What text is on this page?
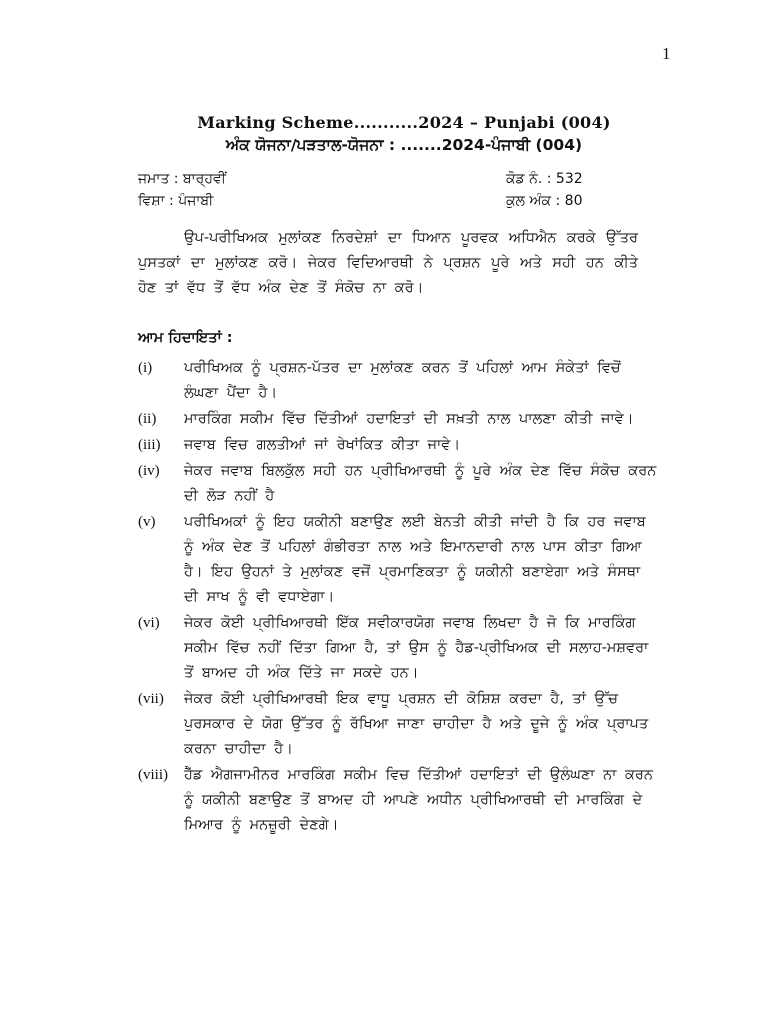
1
Marking Scheme...........2024 – Punjabi (004)
ਅੰਕ ਯੋਜਨਾ/ਪੜਤਾਲ-ਯੋਜਨਾ : .......2024-ਪੰਜਾਬੀ (004)
ਜਮਾਤ : ਬਾਰ੍ਹਵੀਂ	ਕੋਡ ਨੰ. : 532
ਵਿਸ਼ਾ : ਪੰਜਾਬੀ	ਕੁਲ ਅੰਕ : 80

ਉਪ-ਪਰੀਖਿਅਕ ਮੁਲਾਂਕਣ ਨਿਰਦੇਸ਼ਾਂ ਦਾ ਧਿਆਨ ਪੂਰਵਕ ਅਧਿਐਨ ਕਰਕੇ ਉੱਤਰ ਪੁਸਤਕਾਂ ਦਾ ਮੁਲਾਂਕਣ ਕਰੋ। ਜੇਕਰ ਵਿਦਿਆਰਥੀ ਨੇ ਪ੍ਰਸ਼ਨ ਪੂਰੇ ਅਤੇ ਸਹੀ ਹਨ ਕੀਤੇ ਹੋਣ ਤਾਂ ਵੱਧ ਤੋਂ ਵੱਧ ਅੰਕ ਦੇਣ ਤੋਂ ਸੰਕੋਚ ਨਾ ਕਰੋ।

ਆਮ ਹਿਦਾਇਤਾਂ :
(i) ਪਰੀਖਿਅਕ ਨੂੰ ਪ੍ਰਸ਼ਨ-ਪੱਤਰ ਦਾ ਮੁਲਾਂਕਣ ਕਰਨ ਤੋਂ ਪਹਿਲਾਂ ਆਮ ਸੰਕੇਤਾਂ ਵਿਚੋਂ ਲੰਘਣਾ ਪੈਂਦਾ ਹੈ।
(ii) ਮਾਰਕਿੰਗ ਸਕੀਮ ਵਿੱਚ ਦਿੱਤੀਆਂ ਹਦਾਇਤਾਂ ਦੀ ਸਖ਼ਤੀ ਨਾਲ ਪਾਲਣਾ ਕੀਤੀ ਜਾਵੇ।
(iii) ਜਵਾਬ ਵਿਚ ਗਲਤੀਆਂ ਜਾਂ ਰੇਖਾਂਕਿਤ ਕੀਤਾ ਜਾਵੇ।
(iv) ਜੇਕਰ ਜਵਾਬ ਬਿਲਕੁੱਲ ਸਹੀ ਹਨ ਪ੍ਰੀਖਿਆਰਥੀ ਨੂੰ ਪੂਰੇ ਅੰਕ ਦੇਣ ਵਿੱਚ ਸੰਕੋਚ ਕਰਨ ਦੀ ਲੋੜ ਨਹੀਂ ਹੈ
(v) ਪਰੀਖਿਅਕਾਂ ਨੂੰ ਇਹ ਯਕੀਨੀ ਬਣਾਉਣ ਲਈ ਬੇਨਤੀ ਕੀਤੀ ਜਾਂਦੀ ਹੈ ਕਿ ਹਰ ਜਵਾਬ ਨੂੰ ਅੰਕ ਦੇਣ ਤੋਂ ਪਹਿਲਾਂ ਗੰਭੀਰਤਾ ਨਾਲ ਅਤੇ ਇਮਾਨਦਾਰੀ ਨਾਲ ਪਾਸ ਕੀਤਾ ਗਿਆ ਹੈ। ਇਹ ਉਹਨਾਂ ਤੇ ਮੁਲਾਂਕਣ ਵਜੋਂ ਪ੍ਰਮਾਣਿਕਤਾ ਨੂੰ ਯਕੀਨੀ ਬਣਾਏਗਾ ਅਤੇ ਸੰਸਥਾ ਦੀ ਸਾਖ ਨੂੰ ਵੀ ਵਧਾਏਗਾ।
(vi) ਜੇਕਰ ਕੋਈ ਪ੍ਰੀਖਿਆਰਥੀ ਇੱਕ ਸਵੀਕਾਰਯੋਗ ਜਵਾਬ ਲਿਖਦਾ ਹੈ ਜੋ ਕਿ ਮਾਰਕਿੰਗ ਸਕੀਮ ਵਿੱਚ ਨਹੀਂ ਦਿੱਤਾ ਗਿਆ ਹੈ, ਤਾਂ ਉਸ ਨੂੰ ਹੈਡ-ਪ੍ਰੀਖਿਅਕ ਦੀ ਸਲਾਹ-ਮਸ਼ਵਰਾ ਤੋਂ ਬਾਅਦ ਹੀ ਅੰਕ ਦਿੱਤੇ ਜਾ ਸਕਦੇ ਹਨ।
(vii) ਜੇਕਰ ਕੋਈ ਪ੍ਰੀਖਿਆਰਥੀ ਇਕ ਵਾਧੂ ਪ੍ਰਸ਼ਨ ਦੀ ਕੋਸ਼ਿਸ਼ ਕਰਦਾ ਹੈ, ਤਾਂ ਉੱਚ ਪੁਰਸਕਾਰ ਦੇ ਯੋਗ ਉੱਤਰ ਨੂੰ ਰੱਖਿਆ ਜਾਣਾ ਚਾਹੀਦਾ ਹੈ ਅਤੇ ਦੂਜੇ ਨੂੰ ਅੰਕ ਪ੍ਰਾਪਤ ਕਰਨਾ ਚਾਹੀਦਾ ਹੈ।
(viii) ਹੈੱਡ ਐਗਜਾਮੀਨਰ ਮਾਰਕਿੰਗ ਸਕੀਮ ਵਿਚ ਦਿੱਤੀਆਂ ਹਦਾਇਤਾਂ ਦੀ ਉਲੰਘਣਾ ਨਾ ਕਰਨ ਨੂੰ ਯਕੀਨੀ ਬਣਾਉਣ ਤੋਂ ਬਾਅਦ ਹੀ ਆਪਣੇ ਅਧੀਨ ਪ੍ਰੀਖਿਆਰਥੀ ਦੀ ਮਾਰਕਿੰਗ ਦੇ ਮਿਆਰ ਨੂੰ ਮਨਜ਼ੂਰੀ ਦੇਣਗੇ।
